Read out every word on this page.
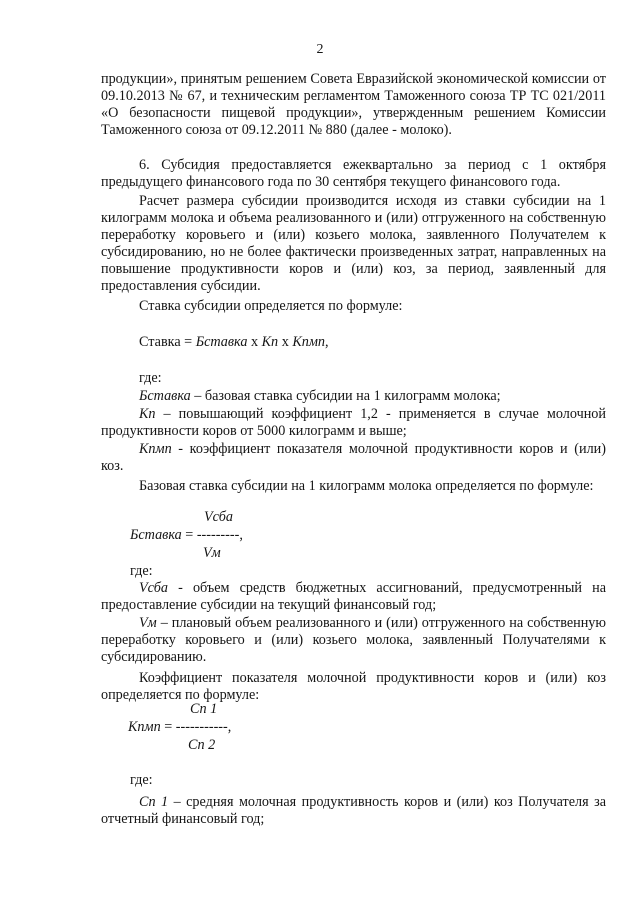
2
продукции», принятым решением Совета Евразийской экономической комиссии от 09.10.2013 № 67, и техническим регламентом Таможенного союза ТР ТС 021/2011 «О безопасности пищевой продукции», утвержденным решением Комиссии Таможенного союза от 09.12.2011 № 880 (далее - молоко).
6. Субсидия предоставляется ежеквартально за период с 1 октября предыдущего финансового года по 30 сентября текущего финансового года.
Расчет размера субсидии производится исходя из ставки субсидии на 1 килограмм молока и объема реализованного и (или) отгруженного на собственную переработку коровьего и (или) козьего молока, заявленного Получателем к субсидированию, но не более фактически произведенных затрат, направленных на повышение продуктивности коров и (или) коз, за период, заявленный для предоставления субсидии.
Ставка субсидии определяется по формуле:
Ставка = Бставка х Кп х Кпмп,
где:
Бставка – базовая ставка субсидии на 1 килограмм молока;
Кп – повышающий коэффициент 1,2 - применяется в случае молочной продуктивности коров от 5000 килограмм и выше;
Кпмп - коэффициент показателя молочной продуктивности коров и (или) коз.
Базовая ставка субсидии на 1 килограмм молока определяется по формуле:
Vсба
Бставка = ---------,
Vм
где:
Vсба - объем средств бюджетных ассигнований, предусмотренный на предоставление субсидии на текущий финансовый год;
Vм – плановый объем реализованного и (или) отгруженного на собственную переработку коровьего и (или) козьего молока, заявленный Получателями к субсидированию.
Коэффициент показателя молочной продуктивности коров и (или) коз определяется по формуле:
Сп 1
Кпмп = -----------,
Сп 2
где:
Сп 1 – средняя молочная продуктивность коров и (или) коз Получателя за отчетный финансовый год;
